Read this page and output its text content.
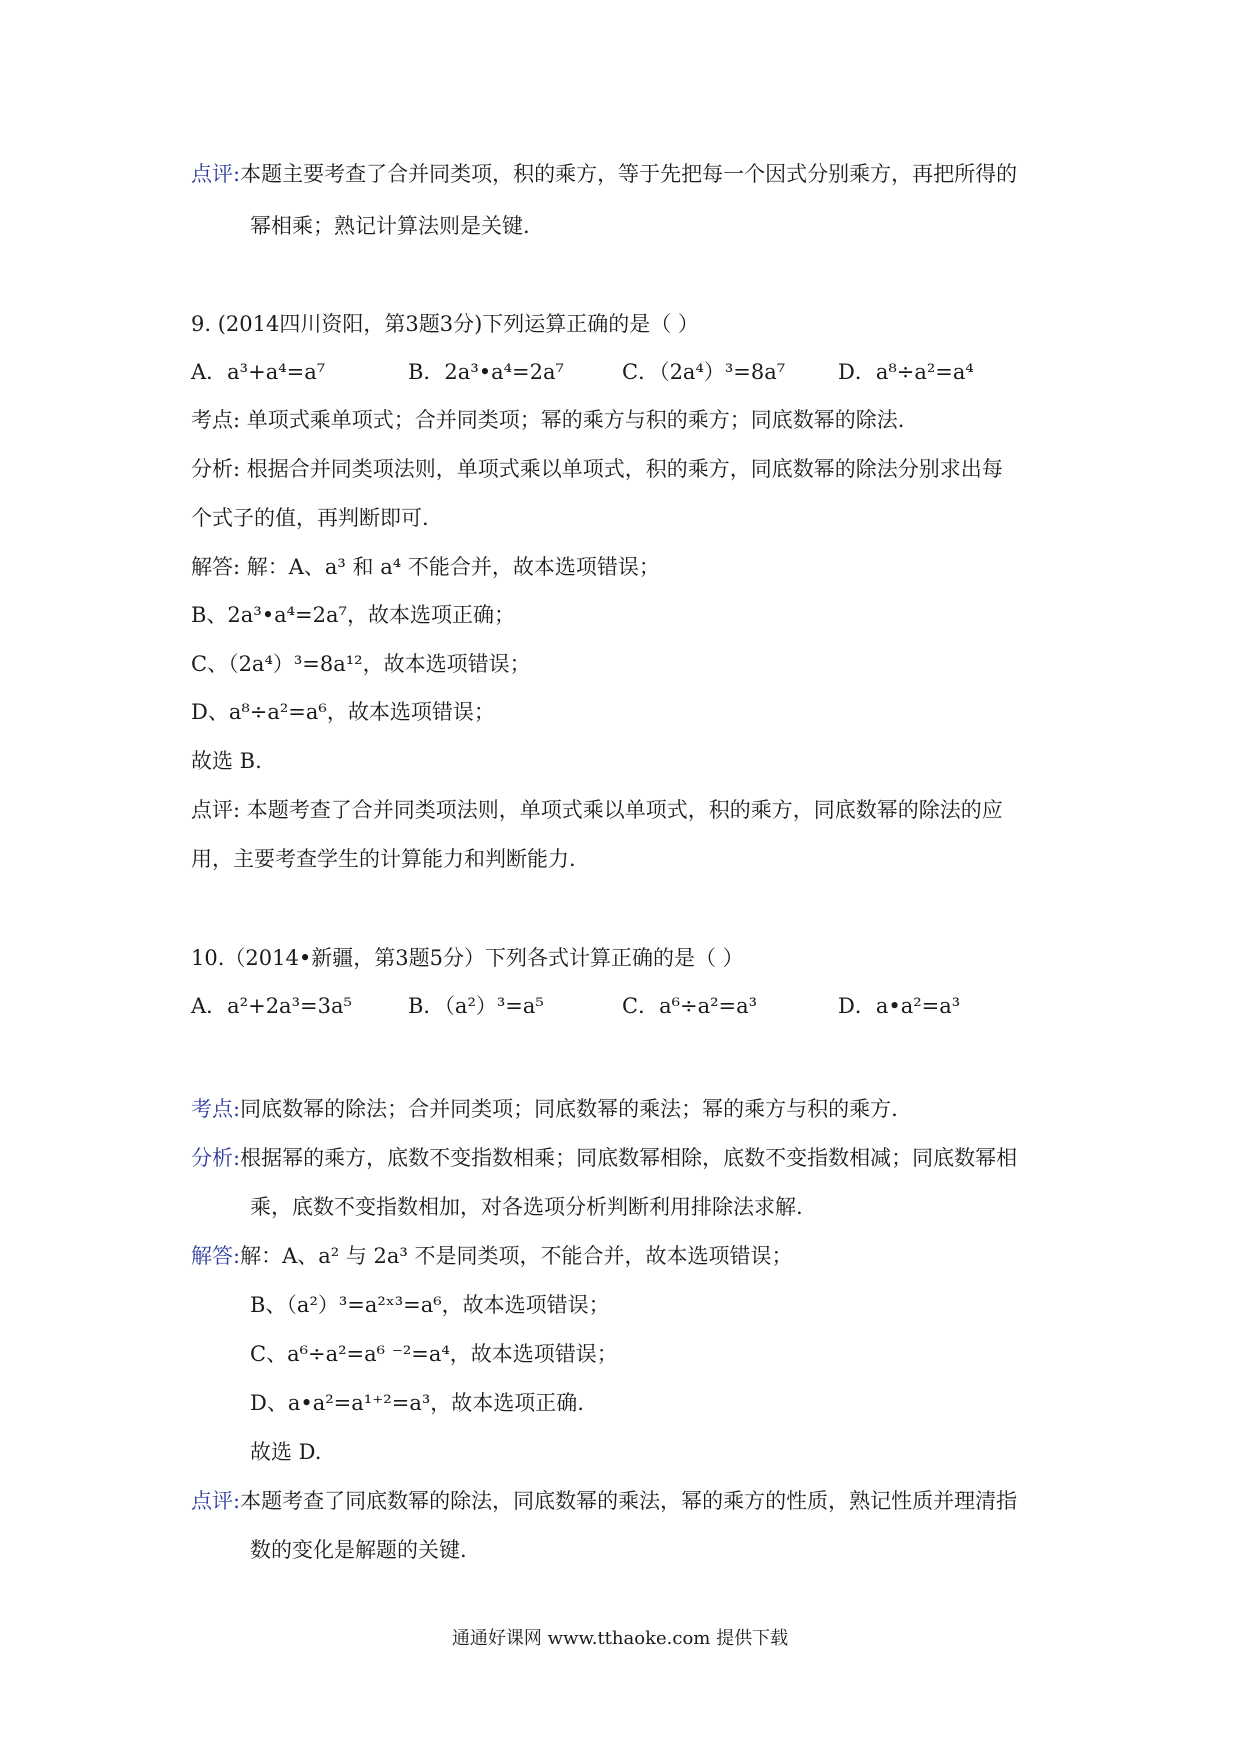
点评:本题主要考查了合并同类项，积的乘方，等于先把每一个因式分别乘方，再把所得的
幂相乘；熟记计算法则是关键.
9. (2014四川资阳，第3题3分)下列运算正确的是（ ）
A．a³+a⁴=a⁷	B．2a³•a⁴=2a⁷	C．（2a⁴）³=8a⁷	D．a⁸÷a²=a⁴
考点: 单项式乘单项式；合并同类项；幂的乘方与积的乘方；同底数幂的除法.
分析: 根据合并同类项法则，单项式乘以单项式，积的乘方，同底数幂的除法分别求出每
个式子的值，再判断即可.
解答: 解：A、a³ 和 a⁴ 不能合并，故本选项错误；
B、2a³•a⁴=2a⁷，故本选项正确；
C、（2a⁴）³=8a¹²，故本选项错误；
D、a⁸÷a²=a⁶，故本选项错误；
故选 B.
点评: 本题考查了合并同类项法则，单项式乘以单项式，积的乘方，同底数幂的除法的应
用，主要考查学生的计算能力和判断能力.
10.（2014•新疆，第3题5分）下列各式计算正确的是（ ）
A．a²+2a³=3a⁵	B．（a²）³=a⁵	C．a⁶÷a²=a³	D．a•a²=a³
考点:同底数幂的除法；合并同类项；同底数幂的乘法；幂的乘方与积的乘方.
分析:根据幂的乘方，底数不变指数相乘；同底数幂相除，底数不变指数相减；同底数幂相
乘，底数不变指数相加，对各选项分析判断利用排除法求解.
解答:解：A、a² 与 2a³ 不是同类项，不能合并，故本选项错误；
B、（a²）³=a²ˣ³=a⁶，故本选项错误；
C、a⁶÷a²=a⁶ ⁻²=a⁴，故本选项错误；
D、a•a²=a¹⁺²=a³，故本选项正确.
故选 D.
点评:本题考查了同底数幂的除法，同底数幂的乘法，幂的乘方的性质，熟记性质并理清指
数的变化是解题的关键.
通通好课网 www.tthaoke.com 提供下载
